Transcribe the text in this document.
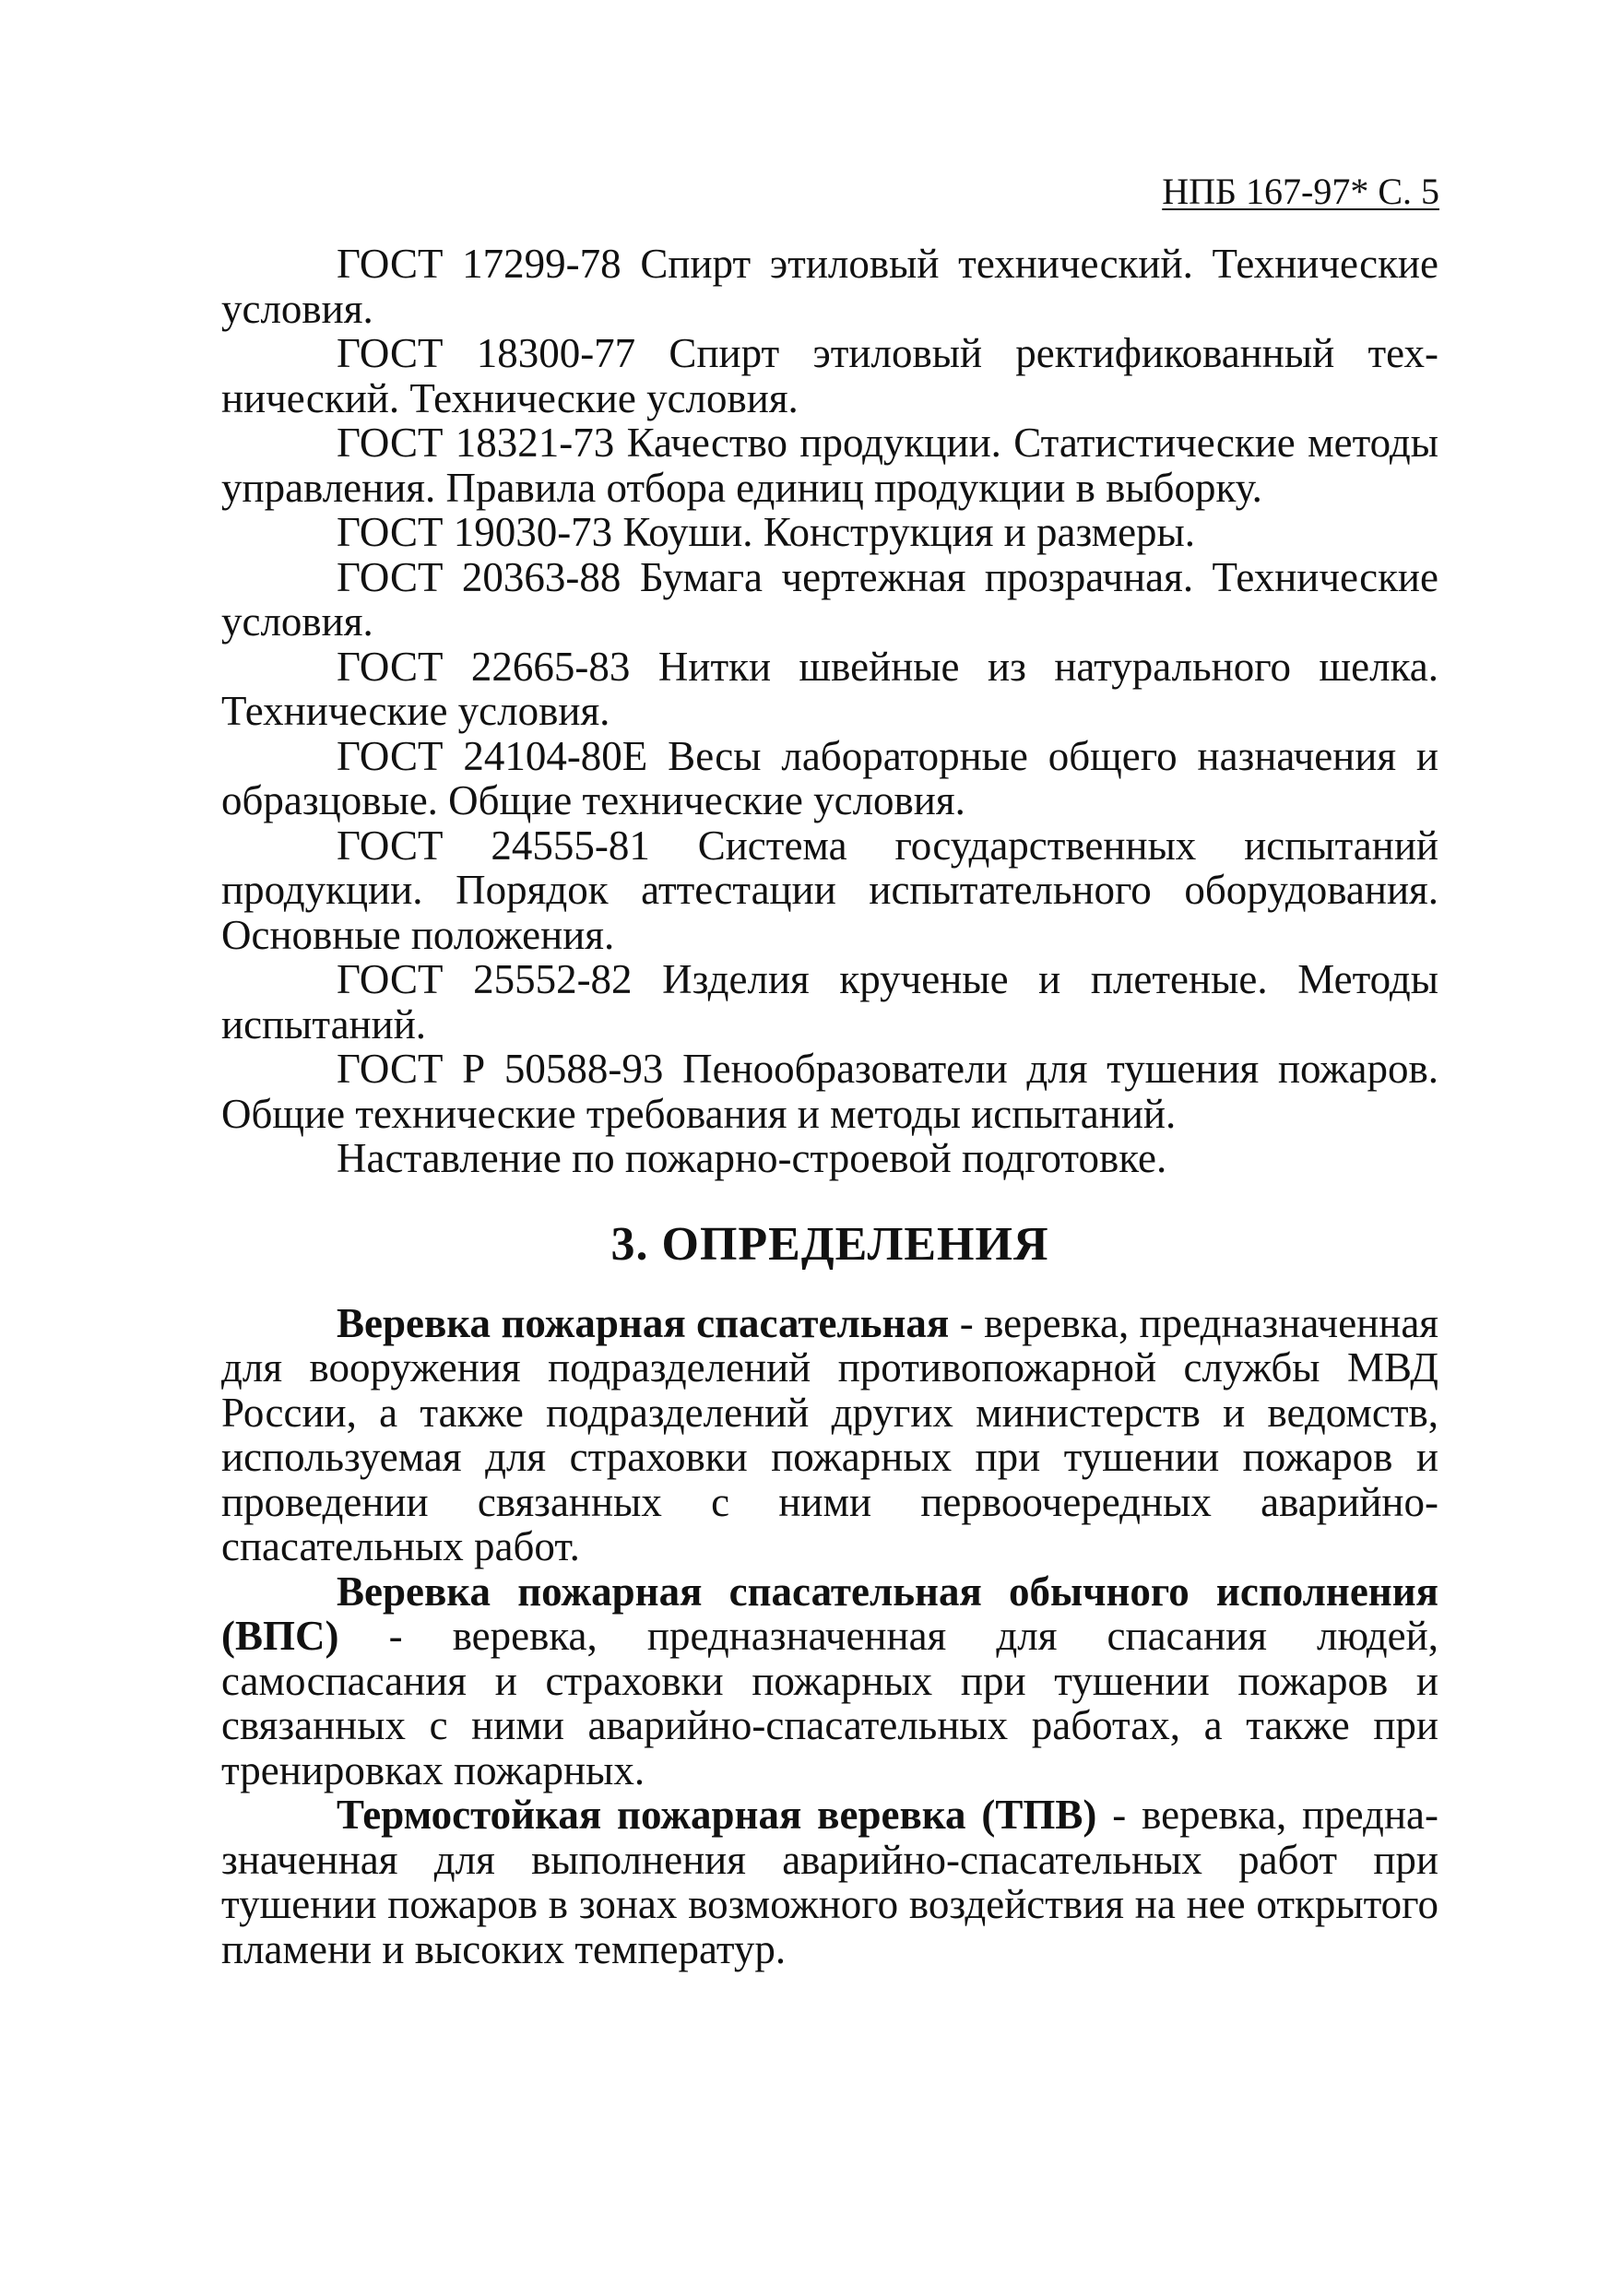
НПБ 167-97* С. 5

ГОСТ 17299-78 Спирт этиловый технический. Технические условия.

ГОСТ 18300-77 Спирт этиловый ректификованный технический. Технические условия.

ГОСТ 18321-73 Качество продукции. Статистические методы управления. Правила отбора единиц продукции в выборку.

ГОСТ 19030-73 Коуши. Конструкция и размеры.

ГОСТ 20363-88 Бумага чертежная прозрачная. Технические условия.

ГОСТ 22665-83 Нитки швейные из натурального шелка. Технические условия.

ГОСТ 24104-80Е Весы лабораторные общего назначения и образцовые. Общие технические условия.

ГОСТ 24555-81 Система государственных испытаний продукции. Порядок аттестации испытательного оборудования. Основные положения.

ГОСТ 25552-82 Изделия крученые и плетеные. Методы испытаний.

ГОСТ Р 50588-93 Пенообразователи для тушения пожаров. Общие технические требования и методы испытаний.

Наставление по пожарно-строевой подготовке.

3. ОПРЕДЕЛЕНИЯ

Веревка пожарная спасательная - веревка, предназначенная для вооружения подразделений противопожарной службы МВД России, а также подразделений других министерств и ведомств, используемая для страховки пожарных при тушении пожаров и проведении связанных с ними первоочередных аварийно-спасательных работ.

Веревка пожарная спасательная обычного исполнения (ВПС) - веревка, предназначенная для спасания людей, самоспасания и страховки пожарных при тушении пожаров и связанных с ними аварийно-спасательных работах, а также при тренировках пожарных.

Термостойкая пожарная веревка (ТПВ) - веревка, предназначенная для выполнения аварийно-спасательных работ при тушении пожаров в зонах возможного воздействия на нее открытого пламени и высоких температур.
